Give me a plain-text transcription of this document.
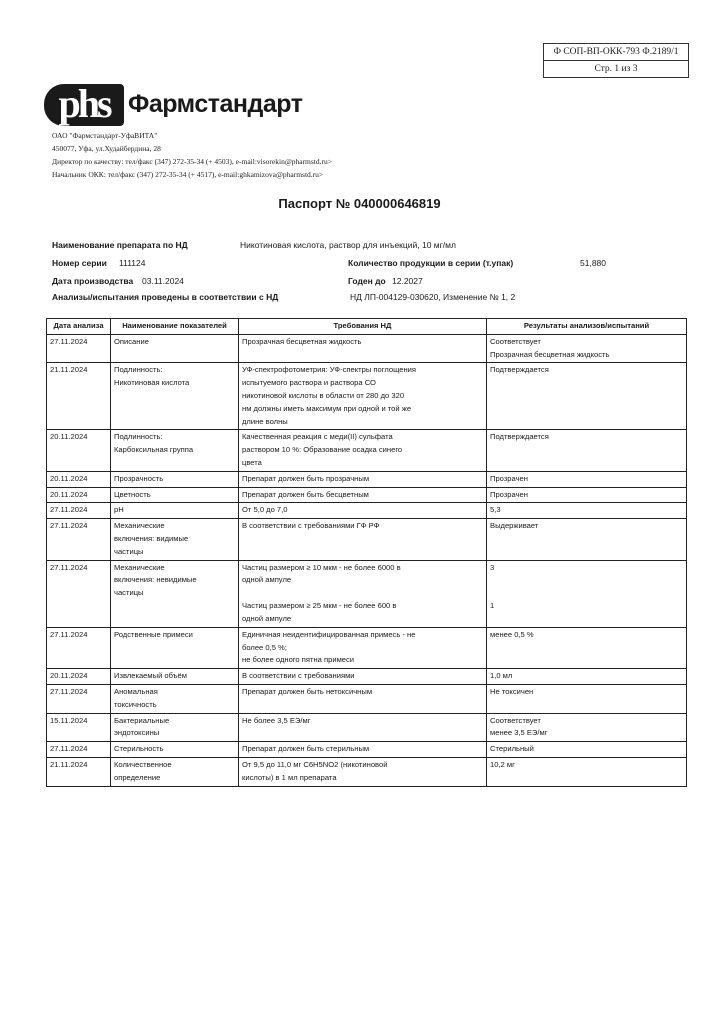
Ф СОП-ВП-ОКК-793 Ф.2189/1
Стр. 1 из 3
phs Фармстандарт
ОАО "Фармстандарт-УфаВИТА"
450077, Уфа, ул.Худайбердина, 28
Директор по качеству: тел/факс (347) 272-35-34 (+ 4503), e-mail:visorekin@pharmstd.ru>
Начальник ОКК: тел/факс (347) 272-35-34 (+ 4517), e-mail:ghkamizova@pharmstd.ru>
Паспорт № 040000646819
Наименование препарата по НД	Никотиновая кислота, раствор для инъекций, 10 мг/мл
Номер серии 111124	Количество продукции в серии (т.упак)	51,880
Дата производства 03.11.2024	Годен до 12.2027
Анализы/испытания проведены в соответствии с НД	НД ЛП-004129-030620, Изменение № 1, 2
Дата анализа	Наименование показателей	Требования НД	Результаты анализов/испытаний
27.11.2024	Описание	Прозрачная бесцветная жидкость	Соответствует
Прозрачная бесцветная жидкость

21.11.2024	Подлинность:
Никотиновая кислота	УФ-спектрофотометрия: УФ-спектры поглощения
испытуемого раствора и раствора СО
никотиновой кислоты в области от 280 до 320
нм должны иметь максимум при одной и той же
длине волны	Подтверждается

20.11.2024	Подлинность:
Карбоксильная группа	Качественная реакция с меди(II) сульфата
раствором 10 %: Образование осадка синего
цвета	Подтверждается

20.11.2024	Прозрачность	Препарат должен быть прозрачным	Прозрачен

20.11.2024	Цветность	Препарат должен быть бесцветным	Прозрачен

27.11.2024	pH	От 5,0 до 7,0	5,3

27.11.2024	Механические
включения: видимые
частицы	В соответствии с требованиями ГФ РФ	Выдерживает

27.11.2024	Механические
включения: невидимые
частицы	Частиц размером ≥ 10 мкм - не более 6000 в
одной ампуле
Частиц размером ≥ 25 мкм - не более 600 в
одной ампуле	3
1

27.11.2024	Родственные примеси	Единичная неидентифицированная примесь - не
более 0,5 %;
не более одного пятна примеси	менее 0,5 %

20.11.2024	Извлекаемый объём	В соответствии с требованиями	1,0 мл

27.11.2024	Аномальная
токсичность	Препарат должен быть нетоксичным	Не токсичен

15.11.2024	Бактериальные
эндотоксины	Не более 3,5 ЕЭ/мг	Соответствует
менее 3,5 ЕЭ/мг

27.11.2024	Стерильность	Препарат должен быть стерильным	Стерильный

21.11.2024	Количественное
определение	От 9,5 до 11,0 мг C6H5NO2 (никотиновой
кислоты) в 1 мл препарата	10,2 мг
